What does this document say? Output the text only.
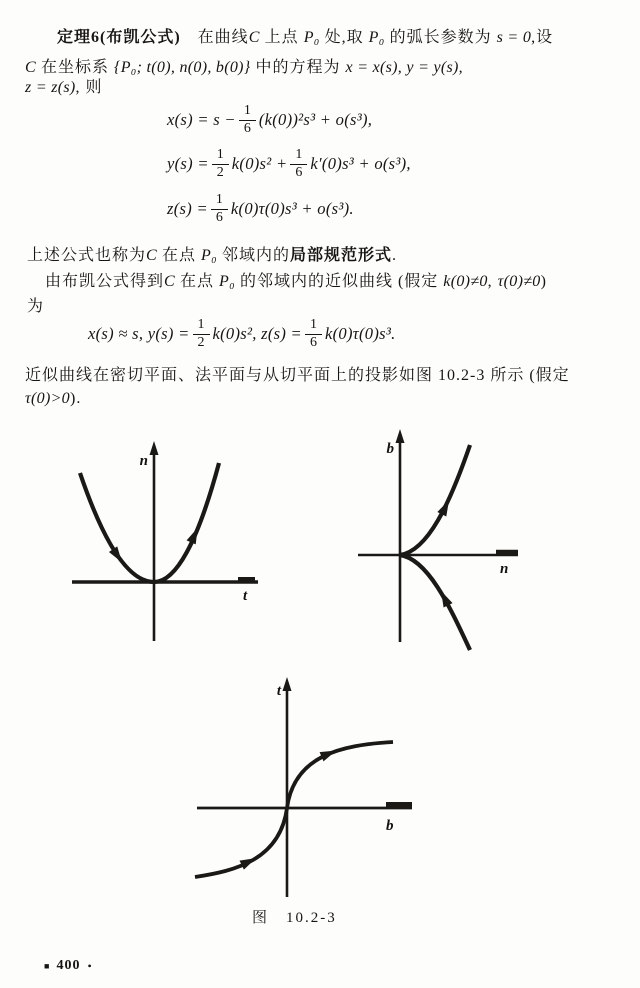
定理6(布凯公式)　在曲线C 上点 P₀ 处,取 P₀ 的弧长参数为 s = 0,设
C 在坐标系 {P₀; t(0), n(0), b(0)} 中的方程为 x = x(s), y = y(s),
z = z(s), 则
$x(s) = s - \frac{1}{6} (k(0))^2s^3 + o(s^3)$,
$y(s) = \frac{1}{2} k(0)s^2 + \frac{1}{6} k'(0)s^3 + o(s^3)$,
$z(s) = \frac{1}{6} k(0)\tau(0)s^3 + o(s^3)$.
上述公式也称为C 在点 P₀ 邻域内的局部规范形式.
由布凯公式得到C 在点 P₀ 的邻域内的近似曲线 (假定 k(0)≠0, τ(0)≠0)
为
x(s) ≈ s, $y(s) = \frac{1}{2} k(0)s^2$, $z(s) = \frac{1}{6} k(0)\tau(0)s^3$.
近似曲线在密切平面、法平面与从切平面上的投影如图 10.2-3 所示 (假定
τ(0)>0).
n
t
b
n
t
b
图　10.2-3
■ 400 •
